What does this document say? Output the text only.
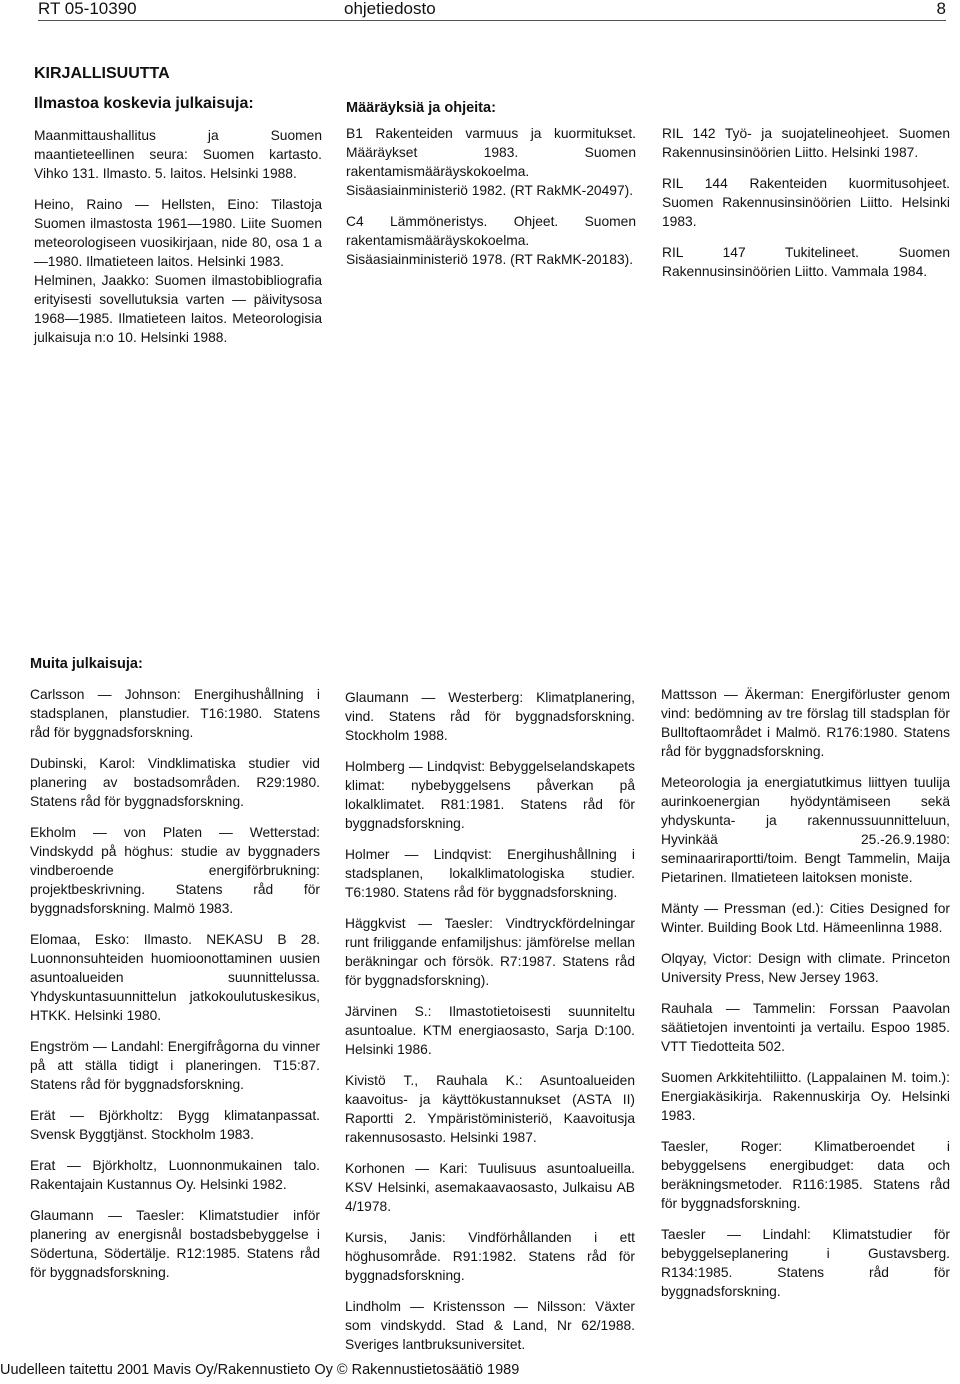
RT 05-10390	ohjetiedosto	8
KIRJALLISUUTTA
Ilmastoa koskevia julkaisuja:

Maanmittaushallitus ja Suomen maantieteellinen seura: Suomen kartasto. Vihko 131. Ilmasto. 5. laitos. Helsinki 1988.

Heino, Raino — Hellsten, Eino: Tilastoja Suomen ilmastosta 1961—1980. Liite Suomen meteorologiseen vuosikirjaan, nide 80, osa 1 a —1980. Ilmatieteen laitos. Helsinki 1983.

Helminen, Jaakko: Suomen ilmastobibliografia erityisesti sovellutuksia varten — päivitysosa 1968—1985. Ilmatieteen laitos. Meteorologisia julkaisuja n:o 10. Helsinki 1988.

Määräyksiä ja ohjeita:

B1 Rakenteiden varmuus ja kuormitukset. Määräykset 1983. Suomen rakentamismääräyskokoelma. Sisäasiainministeriö 1982. (RT RakMK-20497).

C4 Lämmöneristys. Ohjeet. Suomen rakentamismääräyskokoelma. Sisäasiainministeriö 1978. (RT RakMK-20183).

RIL 142 Työ- ja suojatelineohjeet. Suomen Rakennusinsinöörien Liitto. Helsinki 1987.

RIL 144 Rakenteiden kuormitusohjeet. Suomen Rakennusinsinöörien Liitto. Helsinki 1983.

RIL 147 Tukitelineet. Suomen Rakennusinsinöörien Liitto. Vammala 1984.

Muita julkaisuja:

Carlsson — Johnson: Energihushållning i stadsplanen, planstudier. T16:1980. Statens råd för byggnadsforskning.

Dubinski, Karol: Vindklimatiska studier vid planering av bostadsområden. R29:1980. Statens råd för byggnadsforskning.

Ekholm — von Platen — Wetterstad: Vindskydd på höghus: studie av byggnaders vindberoende energiförbrukning: projektbeskrivning. Statens råd för byggnadsforskning. Malmö 1983.

Elomaa, Esko: Ilmasto. NEKASU B 28. Luonnonsuhteiden huomioonottaminen uusien asuntoalueiden suunnittelussa. Yhdyskuntasuunnittelun jatkokoulutuskesikus, HTKK. Helsinki 1980.

Engström — Landahl: Energifrågorna du vinner på att ställa tidigt i planeringen. T15:87. Statens råd för byggnadsforskning.

Erät — Björkholtz: Bygg klimatanpassat. Svensk Byggtjänst. Stockholm 1983.

Erat — Björkholtz, Luonnonmukainen talo. Rakentajain Kustannus Oy. Helsinki 1982.

Glaumann — Taesler: Klimatstudier inför planering av energisnål bostadsbebyggelse i Södertuna, Södertälje. R12:1985. Statens råd för byggnadsforskning.

Glaumann — Westerberg: Klimatplanering, vind. Statens råd för byggnadsforskning. Stockholm 1988.

Holmberg — Lindqvist: Bebyggelselandskapets klimat: nybebyggelsens påverkan på lokalklimatet. R81:1981. Statens råd för byggnadsforskning.

Holmer — Lindqvist: Energihushållning i stadsplanen, lokalklimatologiska studier. T6:1980. Statens råd för byggnadsforskning.

Häggkvist — Taesler: Vindtryckfördelningar runt friliggande enfamiljshus: jämförelse mellan beräkningar och försök. R7:1987. Statens råd för byggnadsforskning).

Järvinen S.: Ilmastotietoisesti suunniteltu asuntoalue. KTM energiaosasto, Sarja D:100. Helsinki 1986.

Kivistö T., Rauhala K.: Asuntoalueiden kaavoitus- ja käyttökustannukset (ASTA II) Raportti 2. Ympäristöministeriö, Kaavoitusja rakennusosasto. Helsinki 1987.

Korhonen — Kari: Tuulisuus asuntoalueilla. KSV Helsinki, asemakaavaosasto, Julkaisu AB 4/1978.

Kursis, Janis: Vindförhållanden i ett höghusområde. R91:1982. Statens råd för byggnadsforskning.

Lindholm — Kristensson — Nilsson: Växter som vindskydd. Stad & Land, Nr 62/1988. Sveriges lantbruksuniversitet.

Mattsson — Äkerman: Energiförluster genom vind: bedömning av tre förslag till stadsplan för Bulltoftaområdet i Malmö. R176:1980. Statens råd för byggnadsforskning.

Meteorologia ja energiatutkimus liittyen tuulija aurinkoenergian hyödyntämiseen sekä yhdyskunta- ja rakennussuunnitteluun, Hyvinkää 25.-26.9.1980: seminaariraportti/toim. Bengt Tammelin, Maija Pietarinen. Ilmatieteen laitoksen moniste.

Mänty — Pressman (ed.): Cities Designed for Winter. Building Book Ltd. Hämeenlinna 1988.

Olqyay, Victor: Design with climate. Princeton University Press, New Jersey 1963.

Rauhala — Tammelin: Forssan Paavolan säätietojen inventointi ja vertailu. Espoo 1985. VTT Tiedotteita 502.

Suomen Arkkitehtiliitto. (Lappalainen M. toim.): Energiakäsikirja. Rakennuskirja Oy. Helsinki 1983.

Taesler, Roger: Klimatberoendet i bebyggelsens energibudget: data och beräkningsmetoder. R116:1985. Statens råd för byggnadsforskning.

Taesler — Lindahl: Klimatstudier för bebyggelseplanering i Gustavsberg. R134:1985. Statens råd för byggnadsforskning.

Uudelleen taitettu 2001 Mavis Oy/Rakennustieto Oy © Rakennustietosäätiö 1989
